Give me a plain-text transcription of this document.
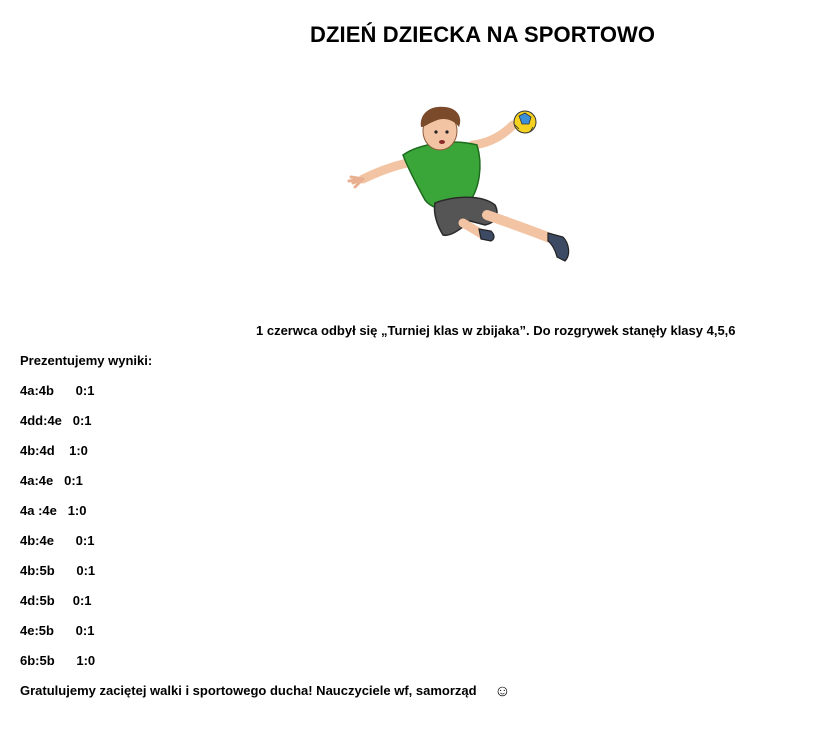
DZIEŃ DZIECKA NA SPORTOWO
1 czerwca odbył się „Turniej klas w zbijaka”. Do rozgrywek stanęły klasy 4,5,6
Prezentujemy wyniki:
4a:4b      0:1
4dd:4e   0:1
4b:4d    1:0
4a:4e   0:1
4a :4e   1:0
4b:4e      0:1
4b:5b      0:1
4d:5b     0:1
4e:5b      0:1
6b:5b      1:0
Gratulujemy zaciętej walki i sportowego ducha! Nauczyciele wf, samorząd ☺
